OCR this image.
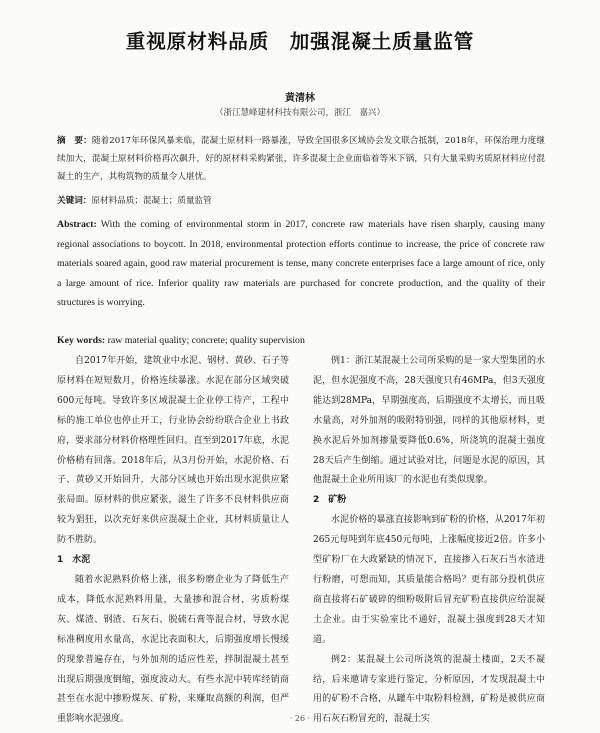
重视原材料品质　加强混凝土质量监管
黄清林
（浙江慧峰建材科技有限公司，浙江　嘉兴）
摘　要：随着2017年环保风暴来临，混凝土原材料一路暴涨，导致全国很多区域协会发文联合抵制，2018年，环保治理力度继续加大，混凝土原材料价格再次飙升，好的原材料采购紧张，许多混凝土企业面临着等米下锅，只有大量采购劣质原材料应付混凝土的生产，其构筑物的质量令人堪忧。
关键词：原材料品质；混凝土；质量监管
Abstract: With the coming of environmental storm in 2017, concrete raw materials have risen sharply, causing many regional associations to boycott. In 2018, environmental protection efforts continue to increase, the price of concrete raw materials soared again, good raw material procurement is tense, many concrete enterprises face a large amount of rice, only a large amount of rice. Inferior quality raw materials are purchased for concrete production, and the quality of their structures is worrying.
Key words: raw material quality; concrete; quality supervision

自2017年开始，建筑业中水泥、钢材、黄砂、石子等原材料在短短数月，价格连续暴涨。水泥在部分区域突破600元每吨。导致许多区域混凝土企业停工待产，工程中标的施工单位也停止开工，行业协会纷纷联合企业上书政府，要求部分材料价格理性回归。直至到2017年底，水泥价格稍有回落。2018年后，从3月份开始，水泥价格、石子、黄砂又开始回升，大部分区域也开始出现水泥供应紧张局面。原材料的供应紧张，滋生了许多不良材料供应商较为猖狂，以次充好来供应混凝土企业，其材料质量让人防不胜防。

1　水泥

随着水泥熟料价格上涨，很多粉磨企业为了降低生产成本，降低水泥熟料用量，大量掺和混合材，劣质粉煤灰、煤渣、钢渣、石灰石、脱硫石膏等混合材，导致水泥标准稠度用水量高，水泥比表面积大，后期强度增长慢缓的现象普遍存在，与外加剂的适应性差，拌制混凝土甚至出现后期强度倒缩，强度波动大。有些水泥中转库经销商甚至在水泥中掺粉煤灰、矿粉，来赚取高额的利润，但严重影响水泥强度。

例1：浙江某混凝土公司所采购的是一家大型集团的水泥，但水泥强度不高，28天强度只有46MPa，但3天强度能达到28MPa，早期强度高，后期强度不太增长，而且吸水量高，对外加剂的吸附特别强，同样的其他原材料，更换水泥后外加剂掺量要降低0.6%，所浇筑的混凝土强度28天后产生倒缩。通过试验对比，问题是水泥的原因，其他混凝土企业所用该厂的水泥也有类似现象。

2　矿粉

水泥价格的暴涨直接影响到矿粉的价格，从2017年初265元每吨到年底450元每吨，上涨幅度接近2倍。许多小型矿粉厂在大政紧缺的情况下，直接掺入石灰石当水渣进行粉磨，可想而知，其质量能合格吗？更有部分投机供应商直接将石矿破碎的细粉吸附后冒充矿粉直接供应给混凝土企业。由于实验室比不通好，混凝土强度到28天才知道。

例2：某混凝土公司所浇筑的混凝土楼面，2天不凝结，后来邀请专家进行鉴定，分析原因，才发现混凝土中用的矿粉不合格，从罐车中取粉料检测，矿粉是被供应商用石灰石粉冒充的，混凝土实

· 26 ·
